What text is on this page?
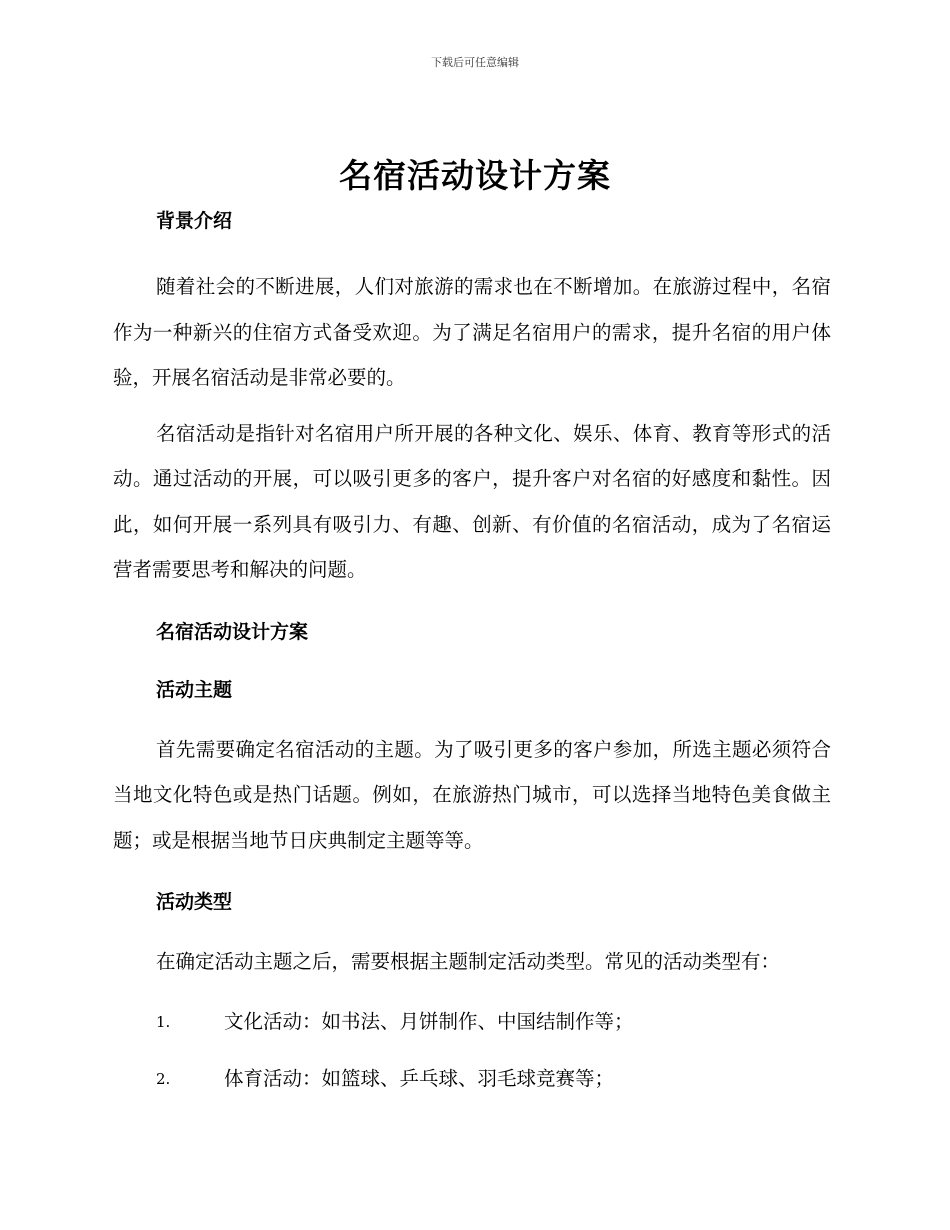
下载后可任意编辑
名宿活动设计方案
背景介绍

随着社会的不断进展，人们对旅游的需求也在不断增加。在旅游过程中，名宿作为一种新兴的住宿方式备受欢迎。为了满足名宿用户的需求，提升名宿的用户体验，开展名宿活动是非常必要的。

名宿活动是指针对名宿用户所开展的各种文化、娱乐、体育、教育等形式的活动。通过活动的开展，可以吸引更多的客户，提升客户对名宿的好感度和黏性。因此，如何开展一系列具有吸引力、有趣、创新、有价值的名宿活动，成为了名宿运营者需要思考和解决的问题。

名宿活动设计方案
活动主题

首先需要确定名宿活动的主题。为了吸引更多的客户参加，所选主题必须符合当地文化特色或是热门话题。例如，在旅游热门城市，可以选择当地特色美食做主题；或是根据当地节日庆典制定主题等等。

活动类型

在确定活动主题之后，需要根据主题制定活动类型。常见的活动类型有：

1.	文化活动：如书法、月饼制作、中国结制作等；
2.	体育活动：如篮球、乒乓球、羽毛球竞赛等；
